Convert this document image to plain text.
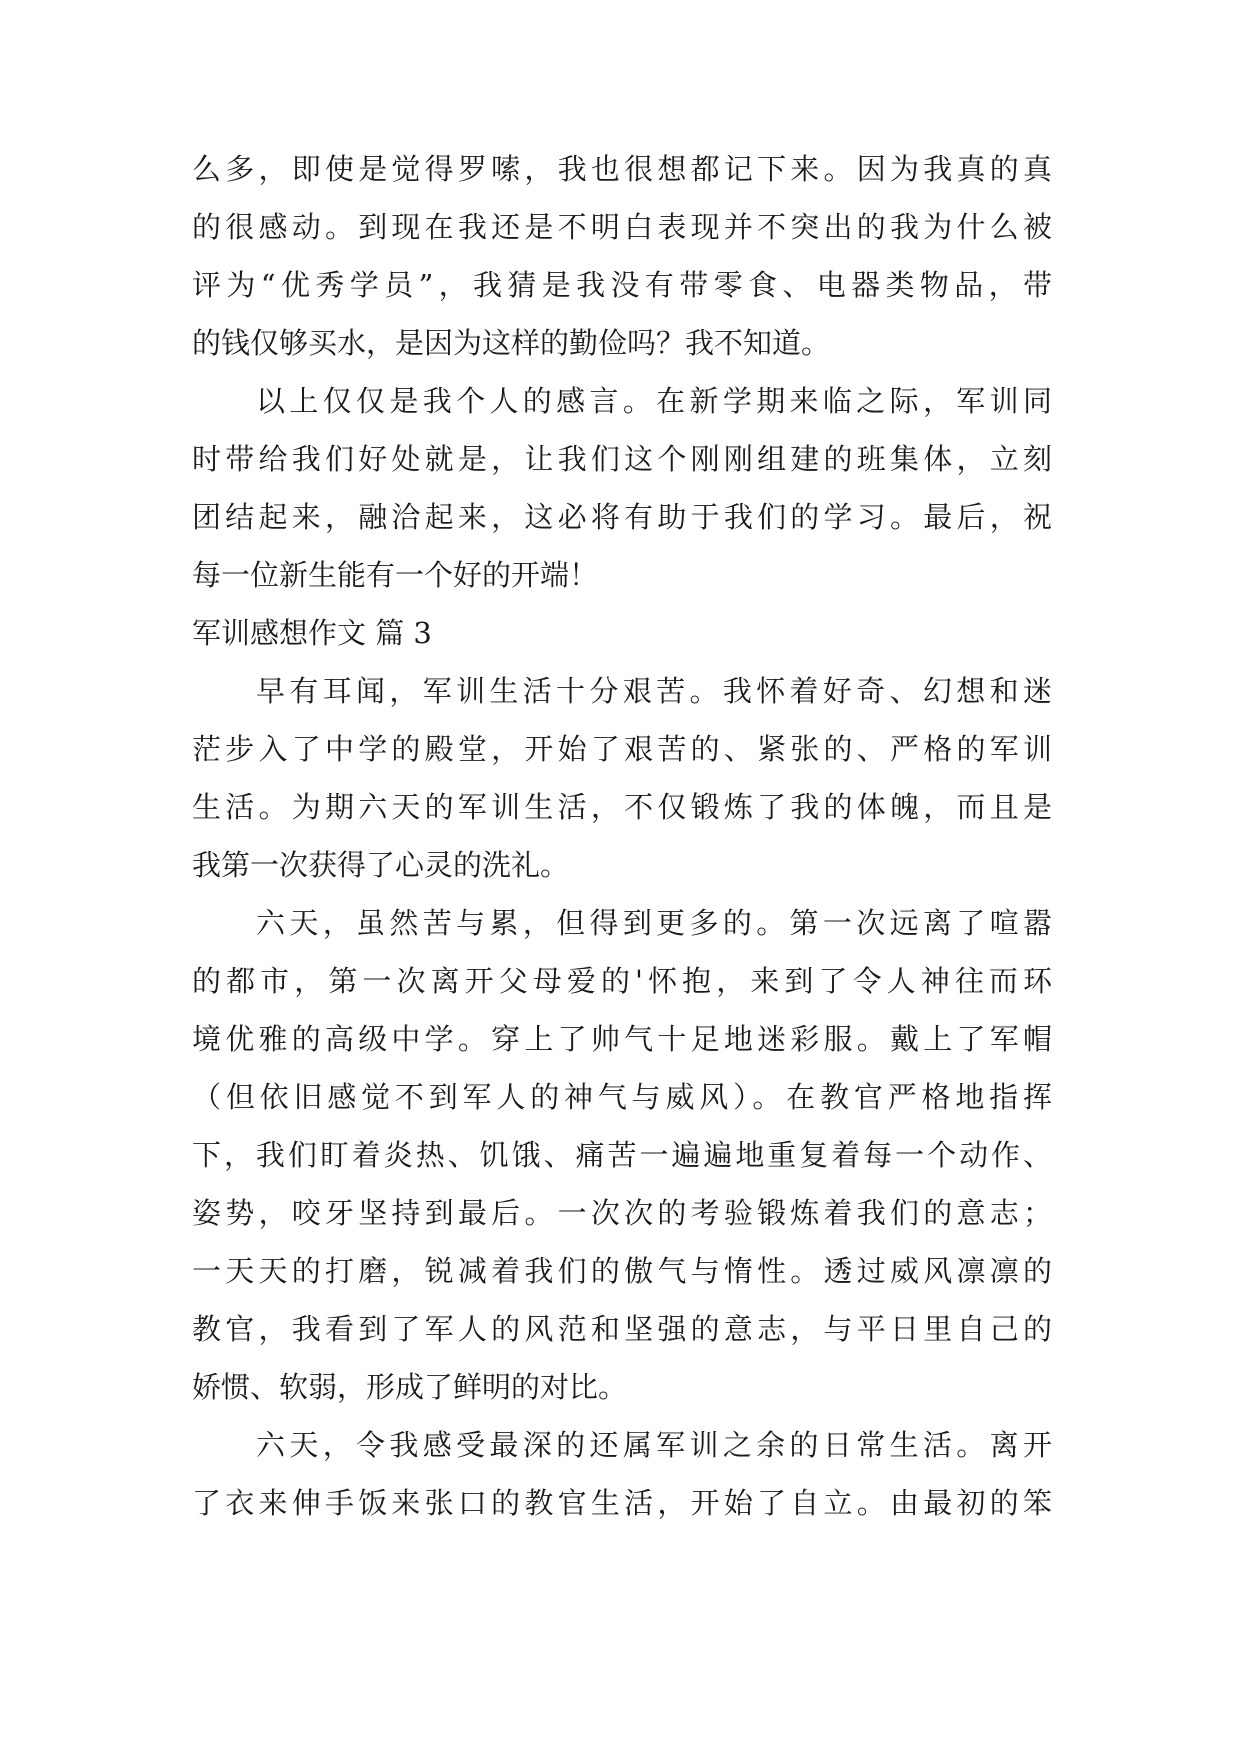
么多，即使是觉得罗嗦，我也很想都记下来。因为我真的真
的很感动。到现在我还是不明白表现并不突出的我为什么被
评为“优秀学员”，我猜是我没有带零食、电器类物品，带
的钱仅够买水，是因为这样的勤俭吗？我不知道。
以上仅仅是我个人的感言。在新学期来临之际，军训同
时带给我们好处就是，让我们这个刚刚组建的班集体，立刻
团结起来，融洽起来，这必将有助于我们的学习。最后，祝
每一位新生能有一个好的开端！
军训感想作文 篇 3
早有耳闻，军训生活十分艰苦。我怀着好奇、幻想和迷
茫步入了中学的殿堂，开始了艰苦的、紧张的、严格的军训
生活。为期六天的军训生活，不仅锻炼了我的体魄，而且是
我第一次获得了心灵的洗礼。
六天，虽然苦与累，但得到更多的。第一次远离了喧嚣
的都市，第一次离开父母爱的'怀抱，来到了令人神往而环
境优雅的高级中学。穿上了帅气十足地迷彩服。戴上了军帽
（但依旧感觉不到军人的神气与威风）。在教官严格地指挥
下，我们盯着炎热、饥饿、痛苦一遍遍地重复着每一个动作、
姿势，咬牙坚持到最后。一次次的考验锻炼着我们的意志；
一天天的打磨，锐减着我们的傲气与惰性。透过威风凛凛的
教官，我看到了军人的风范和坚强的意志，与平日里自己的
娇惯、软弱，形成了鲜明的对比。
六天，令我感受最深的还属军训之余的日常生活。离开
了衣来伸手饭来张口的教官生活，开始了自立。由最初的笨
